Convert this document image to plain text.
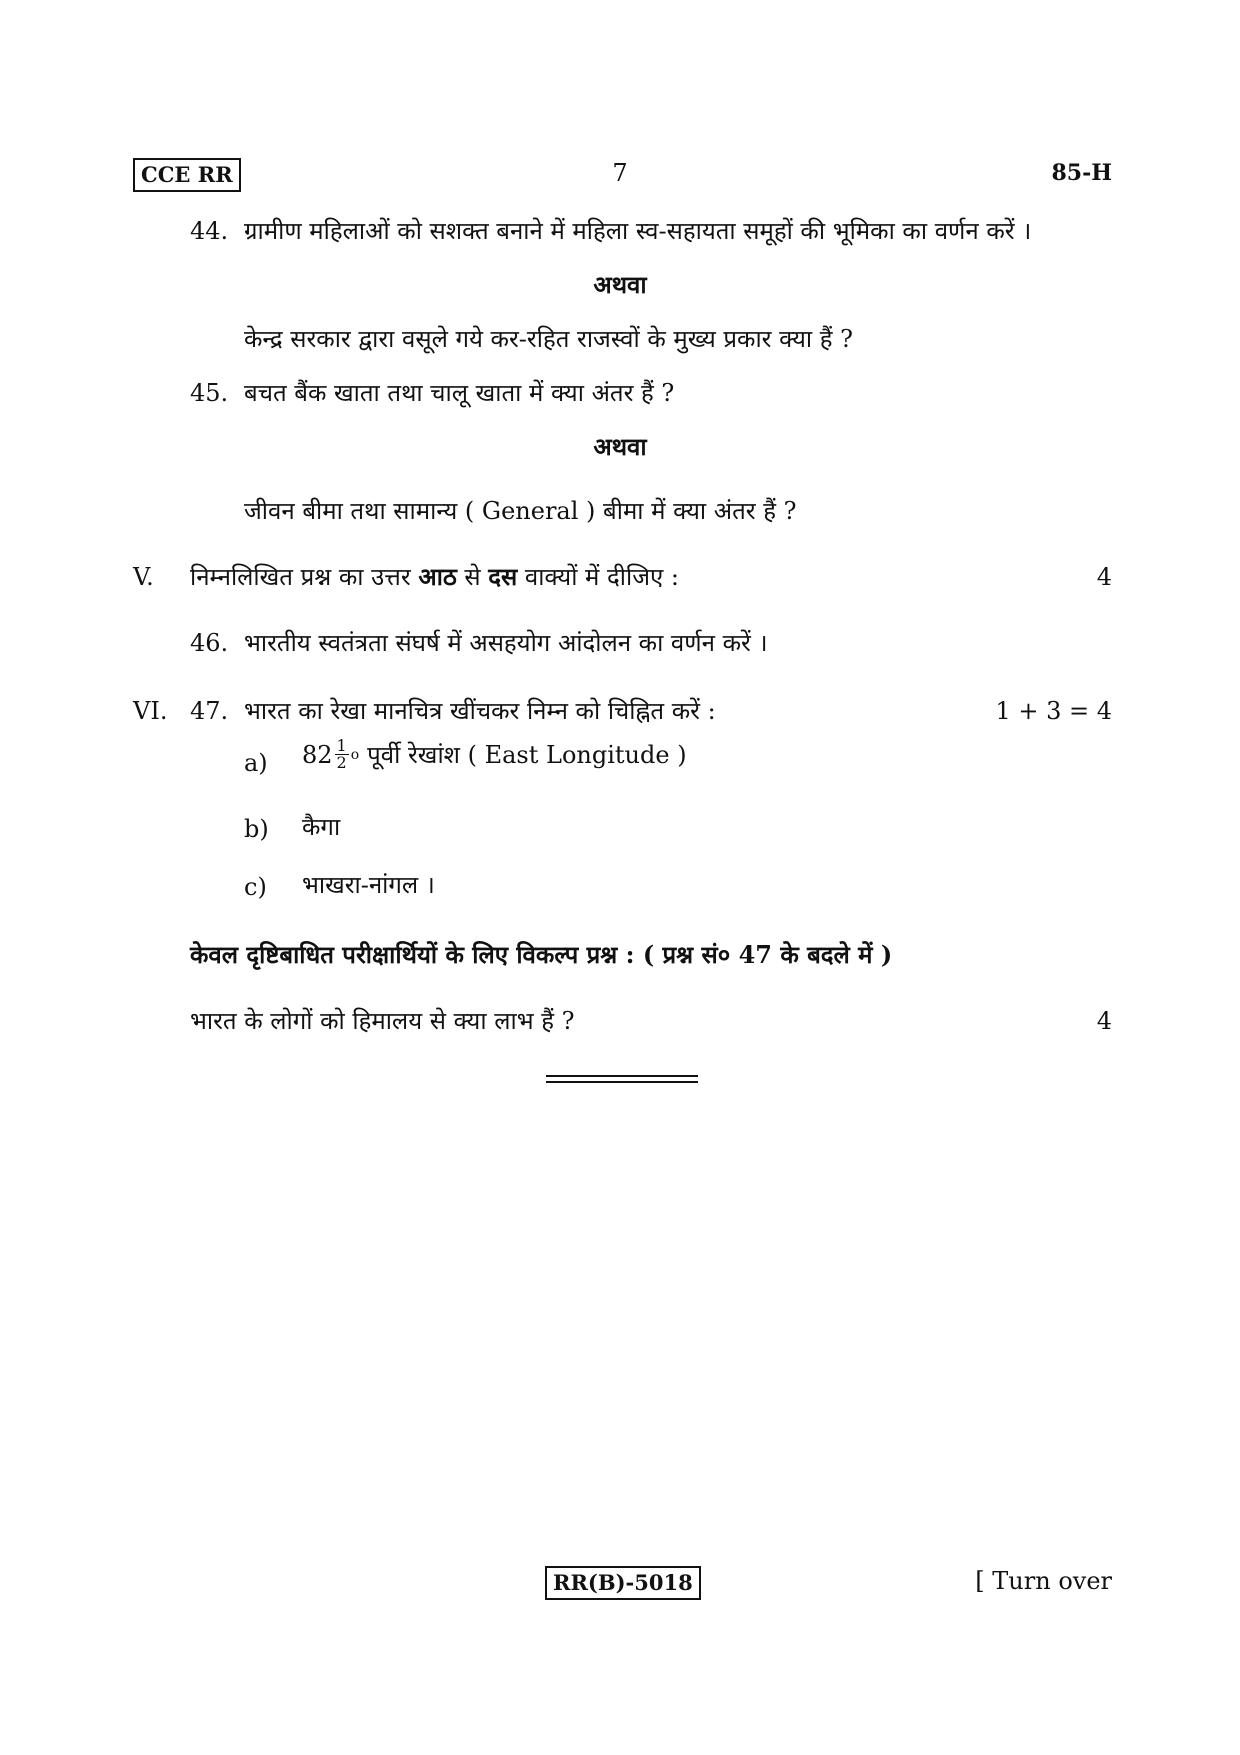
CCE RR	7	85-H
44. ग्रामीण महिलाओं को सशक्त बनाने में महिला स्व-सहायता समूहों की भूमिका का वर्णन करें ।
अथवा
केन्द्र सरकार द्वारा वसूले गये कर-रहित राजस्वों के मुख्य प्रकार क्या हैं ?
45. बचत बैंक खाता तथा चालू खाता में क्या अंतर हैं ?
अथवा
जीवन बीमा तथा सामान्य ( General ) बीमा में क्या अंतर हैं ?
V. निम्नलिखित प्रश्न का उत्तर आठ से दस वाक्यों में दीजिए :	4
46. भारतीय स्वतंत्रता संघर्ष में असहयोग आंदोलन का वर्णन करें ।
VI. 47. भारत का रेखा मानचित्र खींचकर निम्न को चिह्नित करें :	1 + 3 = 4
a) $82 \frac{1}{2}$ o पूर्वी रेखांश ( East Longitude )
b) कैगा
c) भाखरा-नांगल ।
केवल दृष्टिबाधित परीक्षार्थियों के लिए विकल्प प्रश्न : ( प्रश्न सं० 47 के बदले में )
भारत के लोगों को हिमालय से क्या लाभ हैं ?	4
RR(B)-5018	[ Turn over
